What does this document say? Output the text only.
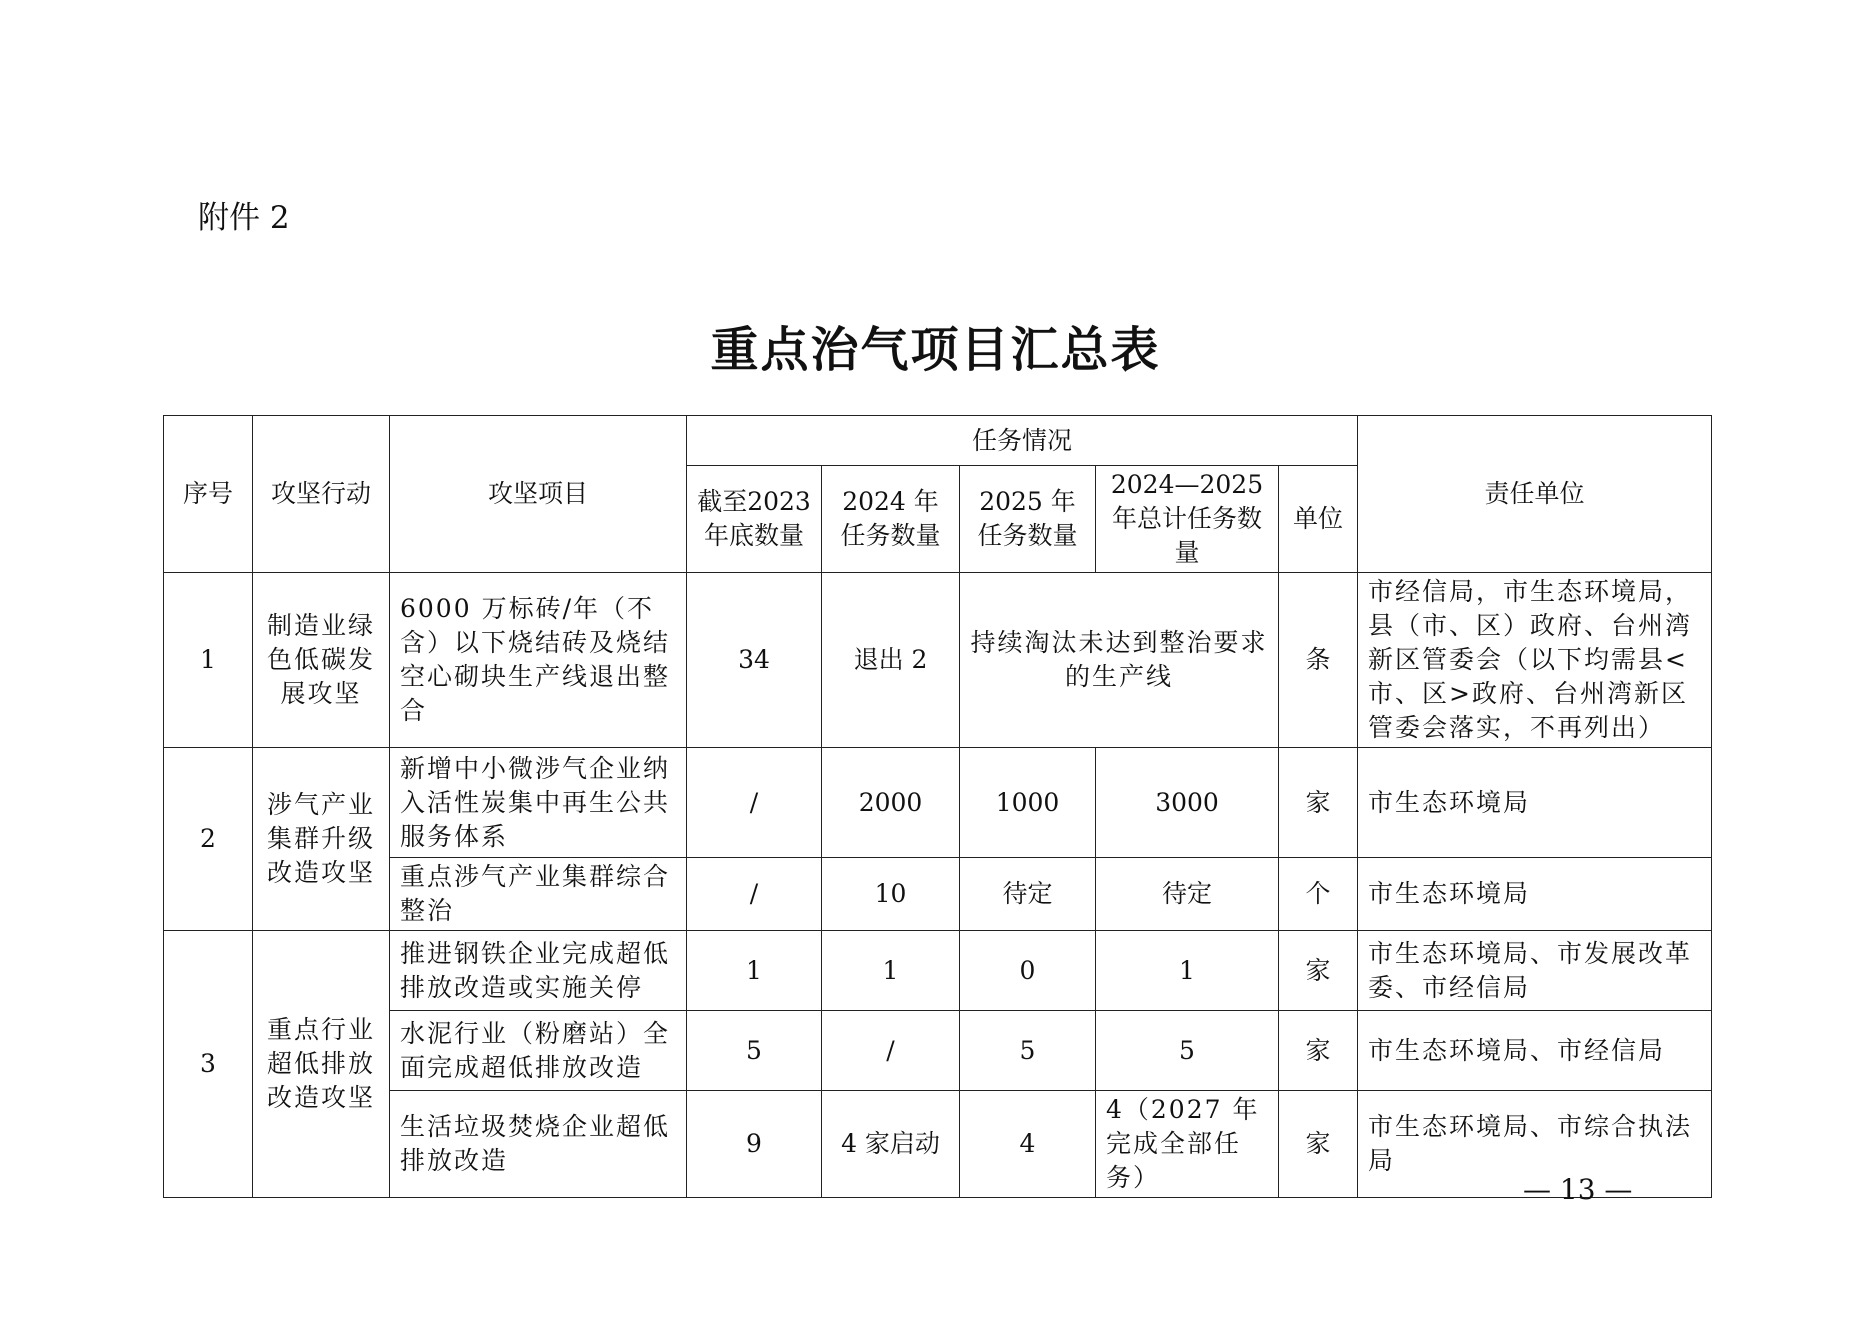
附件 2
重点治气项目汇总表
序号	攻坚行动	攻坚项目	任务情况					责任单位
			截至2023年底数量	2024 年任务数量	2025 年任务数量	2024—2025年总计任务数量	单位	
1	制造业绿色低碳发展攻坚	6000 万标砖/年（不含）以下烧结砖及烧结空心砌块生产线退出整合	34	退出 2	持续淘汰未达到整治要求的生产线		条	市经信局，市生态环境局，县（市、区）政府、台州湾新区管委会（以下均需县<市、区>政府、台州湾新区管委会落实，不再列出）
2	涉气产业集群升级改造攻坚	新增中小微涉气企业纳入活性炭集中再生公共服务体系	/	2000	1000	3000	家	市生态环境局
		重点涉气产业集群综合整治	/	10	待定	待定	个	市生态环境局
3	重点行业超低排放改造攻坚	推进钢铁企业完成超低排放改造或实施关停	1	1	0	1	家	市生态环境局、市发展改革委、市经信局
		水泥行业（粉磨站）全面完成超低排放改造	5	/	5	5	家	市生态环境局、市经信局
		生活垃圾焚烧企业超低排放改造	9	4 家启动	4	4（2027 年完成全部任务）	家	市生态环境局、市综合执法局
— 13 —
